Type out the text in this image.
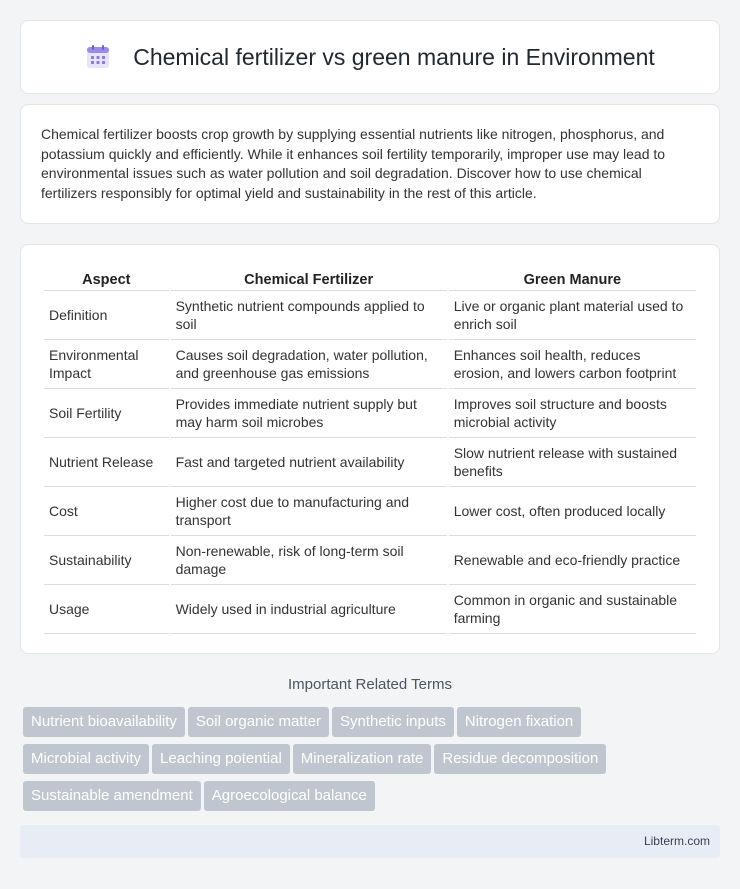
Chemical fertilizer vs green manure in Environment

Chemical fertilizer boosts crop growth by supplying essential nutrients like nitrogen, phosphorus, and potassium quickly and efficiently. While it enhances soil fertility temporarily, improper use may lead to environmental issues such as water pollution and soil degradation. Discover how to use chemical fertilizers responsibly for optimal yield and sustainability in the rest of this article.

Aspect	Chemical Fertilizer	Green Manure
Definition	Synthetic nutrient compounds applied to soil	Live or organic plant material used to enrich soil
Environmental Impact	Causes soil degradation, water pollution, and greenhouse gas emissions	Enhances soil health, reduces erosion, and lowers carbon footprint
Soil Fertility	Provides immediate nutrient supply but may harm soil microbes	Improves soil structure and boosts microbial activity
Nutrient Release	Fast and targeted nutrient availability	Slow nutrient release with sustained benefits
Cost	Higher cost due to manufacturing and transport	Lower cost, often produced locally
Sustainability	Non-renewable, risk of long-term soil damage	Renewable and eco-friendly practice
Usage	Widely used in industrial agriculture	Common in organic and sustainable farming
Important Related Terms
Nutrient bioavailability Soil organic matter Synthetic inputs Nitrogen fixation
Microbial activity Leaching potential Mineralization rate Residue decomposition
Sustainable amendment Agroecological balance
Libterm.com
